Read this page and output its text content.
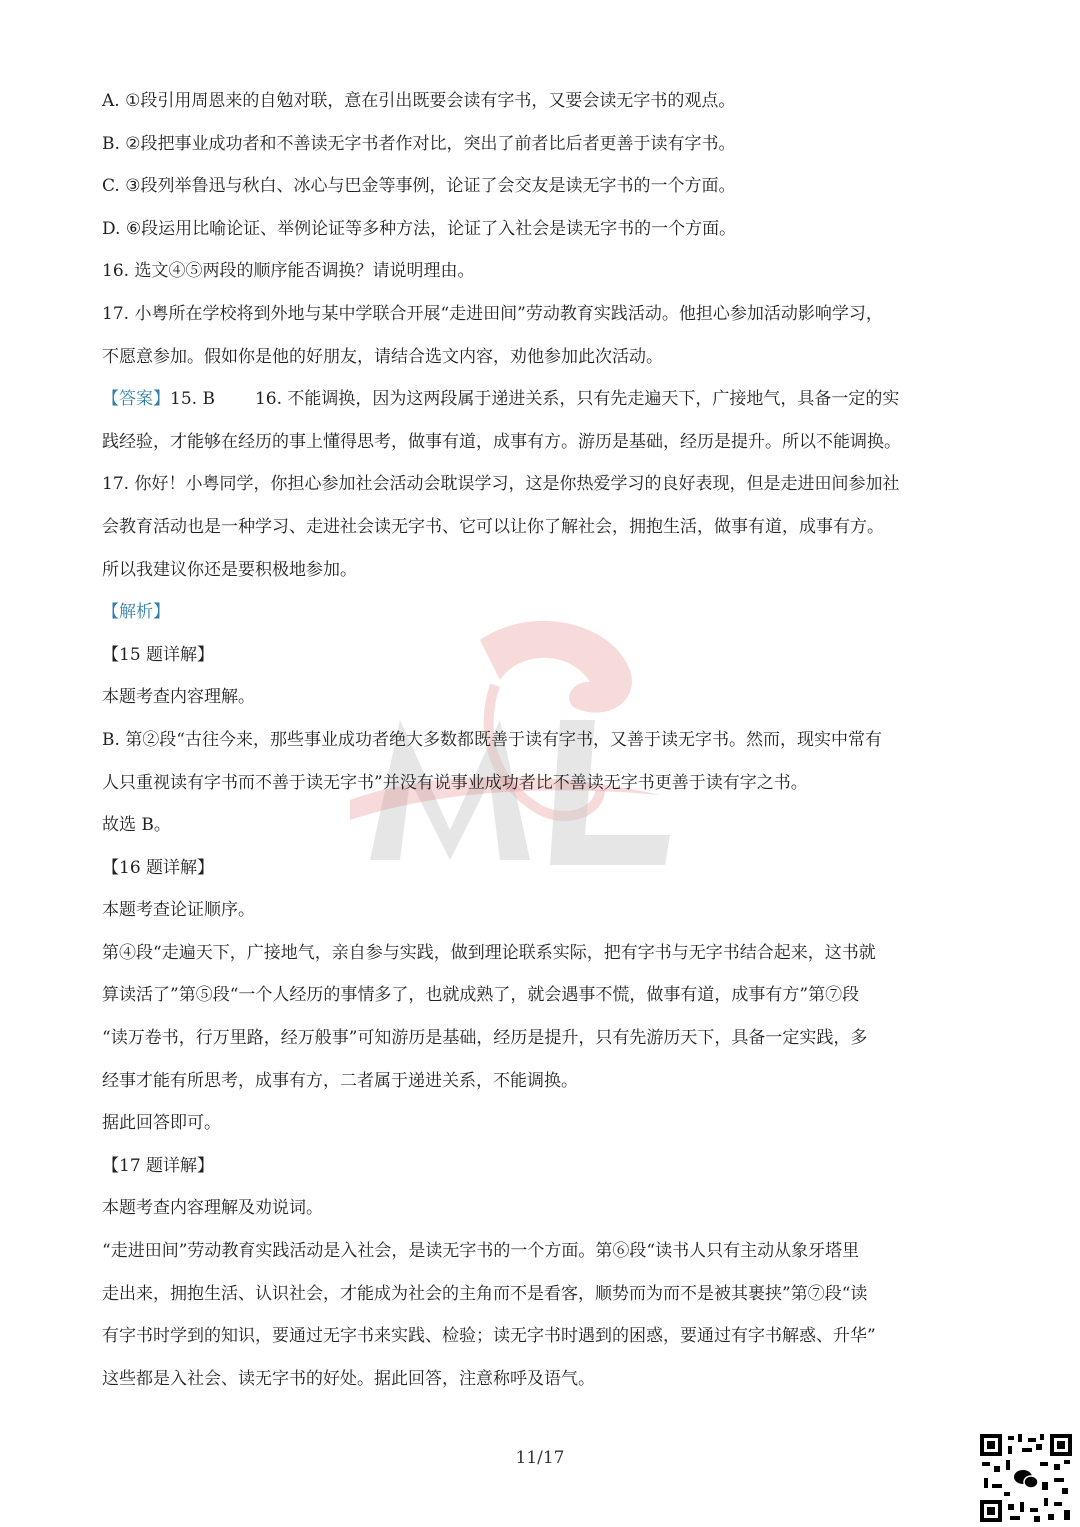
A. ①段引用周恩来的自勉对联，意在引出既要会读有字书，又要会读无字书的观点。
B. ②段把事业成功者和不善读无字书者作对比，突出了前者比后者更善于读有字书。
C. ③段列举鲁迅与秋白、冰心与巴金等事例，论证了会交友是读无字书的一个方面。
D. ⑥段运用比喻论证、举例论证等多种方法，论证了入社会是读无字书的一个方面。
16. 选文④⑤两段的顺序能否调换？请说明理由。
17. 小粤所在学校将到外地与某中学联合开展“走进田间”劳动教育实践活动。他担心参加活动影响学习，
不愿意参加。假如你是他的好朋友，请结合选文内容，劝他参加此次活动。
【答案】15. B 16. 不能调换，因为这两段属于递进关系，只有先走遍天下，广接地气，具备一定的实
践经验，才能够在经历的事上懂得思考，做事有道，成事有方。游历是基础，经历是提升。所以不能调换。
17. 你好！小粤同学，你担心参加社会活动会耽误学习，这是你热爱学习的良好表现，但是走进田间参加社
会教育活动也是一种学习、走进社会读无字书、它可以让你了解社会，拥抱生活，做事有道，成事有方。
所以我建议你还是要积极地参加。
【解析】
【15 题详解】
本题考查内容理解。
B. 第②段“古往今来，那些事业成功者绝大多数都既善于读有字书，又善于读无字书。然而，现实中常有
人只重视读有字书而不善于读无字书”并没有说事业成功者比不善读无字书更善于读有字之书。
故选 B。
【16 题详解】
本题考查论证顺序。
第④段“走遍天下，广接地气，亲自参与实践，做到理论联系实际，把有字书与无字书结合起来，这书就
算读活了”第⑤段“一个人经历的事情多了，也就成熟了，就会遇事不慌，做事有道，成事有方”第⑦段
“读万卷书，行万里路，经万般事”可知游历是基础，经历是提升，只有先游历天下，具备一定实践，多
经事才能有所思考，成事有方，二者属于递进关系，不能调换。
据此回答即可。
【17 题详解】
本题考查内容理解及劝说词。
“走进田间”劳动教育实践活动是入社会，是读无字书的一个方面。第⑥段“读书人只有主动从象牙塔里
走出来，拥抱生活、认识社会，才能成为社会的主角而不是看客，顺势而为而不是被其裹挟”第⑦段“读
有字书时学到的知识，要通过无字书来实践、检验；读无字书时遇到的困惑，要通过有字书解惑、升华”
这些都是入社会、读无字书的好处。据此回答，注意称呼及语气。
11/17
